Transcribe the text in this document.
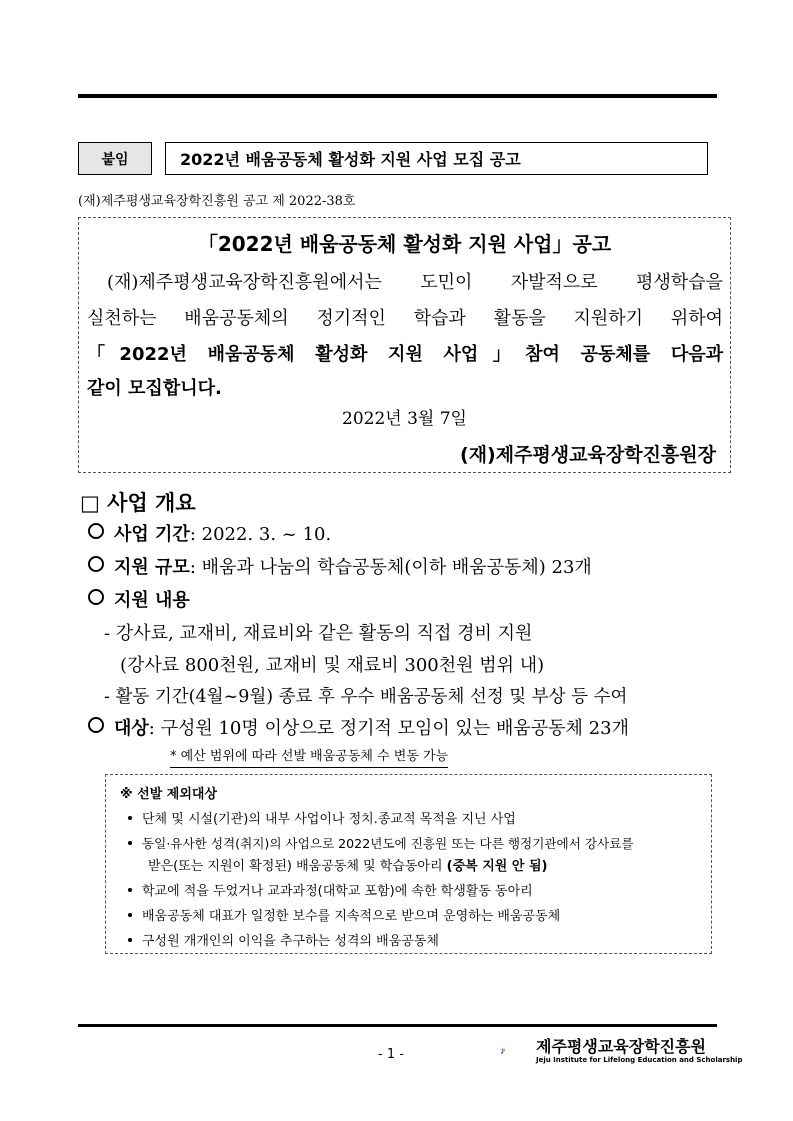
붙임	2022년 배움공동체 활성화 지원 사업 모집 공고
(재)제주평생교육장학진흥원 공고 제 2022-38호
「2022년 배움공동체 활성화 지원 사업」공고
(재)제주평생교육장학진흥원에서는 도민이 자발적으로 평생학습을
실천하는 배움공동체의 정기적인 학습과 활동을 지원하기 위하여
「2022년 배움공동체 활성화 지원 사업」참여 공동체를 다음과
같이 모집합니다.
2022년 3월 7일
(재)제주평생교육장학진흥원장
□ 사업 개요
사업 기간: 2022. 3. ~ 10.
지원 규모: 배움과 나눔의 학습공동체(이하 배움공동체) 23개
지원 내용
- 강사료, 교재비, 재료비와 같은 활동의 직접 경비 지원
(강사료 800천원, 교재비 및 재료비 300천원 범위 내)
- 활동 기간(4월~9월) 종료 후 우수 배움공동체 선정 및 부상 등 수여
대상: 구성원 10명 이상으로 정기적 모임이 있는 배움공동체 23개
* 예산 범위에 따라 선발 배움공동체 수 변동 가능
※ 선발 제외대상
단체 및 시설(기관)의 내부 사업이나 정치.종교적 목적을 지닌 사업
동일·유사한 성격(취지)의 사업으로 2022년도에 진흥원 또는 다른 행정기관에서 강사료를
받은(또는 지원이 확정된) 배움공동체 및 학습동아리 (중복 지원 안 됨)
학교에 적을 두었거나 교과과정(대학교 포함)에 속한 학생활동 동아리
배움공동체 대표가 일정한 보수를 지속적으로 받으며 운영하는 배움공동체
구성원 개개인의 이익을 추구하는 성격의 배움공동체
- 1 -	제주평생교육장학진흥원
Jeju Institute for Lifelong Education and Scholarship
